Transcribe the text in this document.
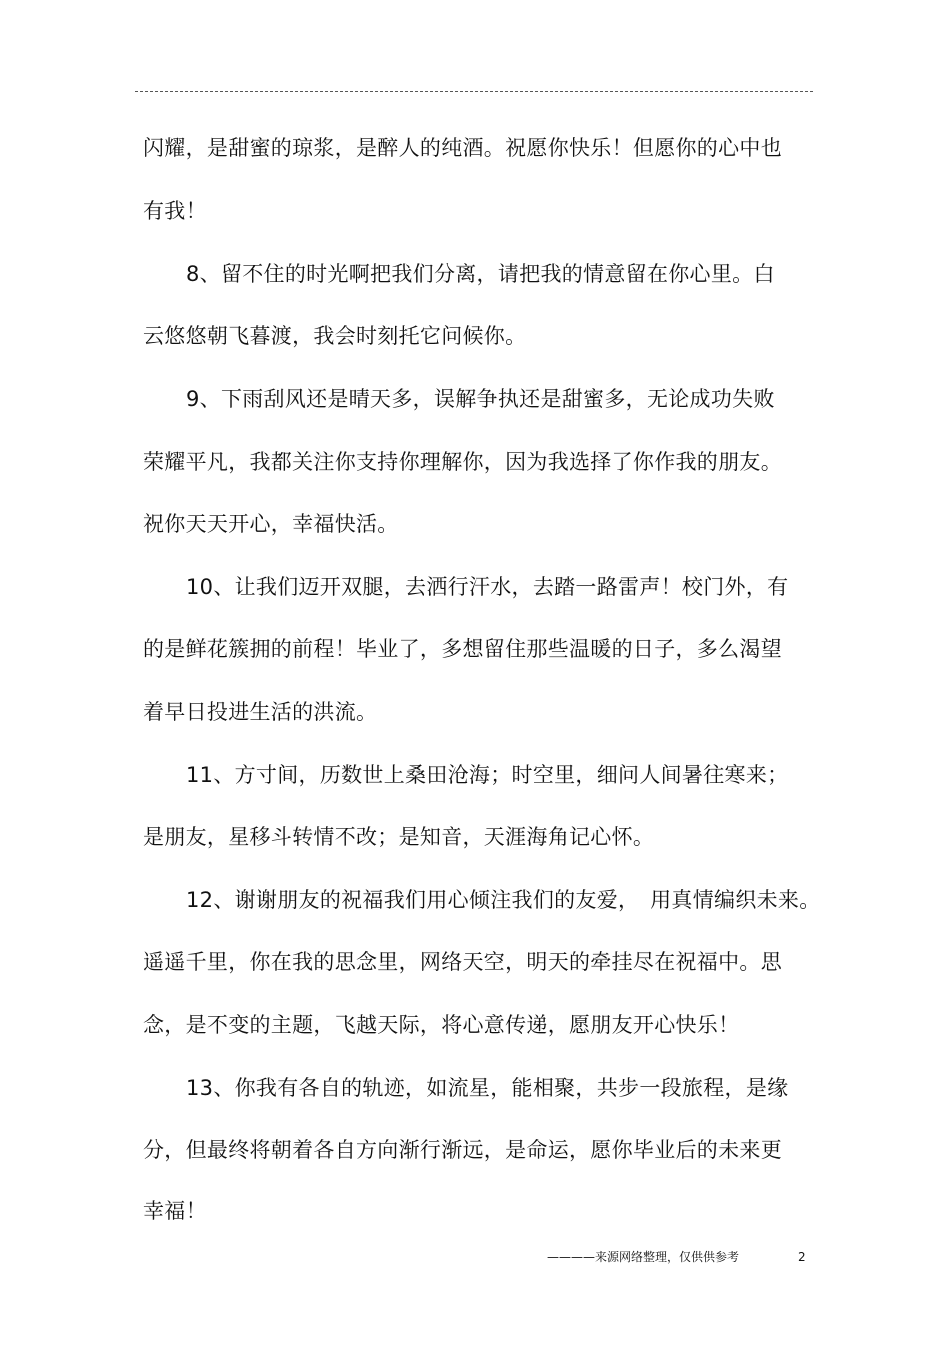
闪耀，是甜蜜的琼浆，是醉人的纯酒。祝愿你快乐！但愿你的心中也
有我！
8、留不住的时光啊把我们分离，请把我的情意留在你心里。白
云悠悠朝飞暮渡，我会时刻托它问候你。
9、下雨刮风还是晴天多，误解争执还是甜蜜多，无论成功失败
荣耀平凡，我都关注你支持你理解你，因为我选择了你作我的朋友。
祝你天天开心，幸福快活。
10、让我们迈开双腿，去洒行汗水，去踏一路雷声！校门外，有
的是鲜花簇拥的前程！毕业了，多想留住那些温暖的日子，多么渴望
着早日投进生活的洪流。
11、方寸间，历数世上桑田沧海；时空里，细问人间暑往寒来；
是朋友，星移斗转情不改；是知音，天涯海角记心怀。
12、谢谢朋友的祝福我们用心倾注我们的友爱，　用真情编织未来。
遥遥千里，你在我的思念里，网络天空，明天的牵挂尽在祝福中。思
念，是不变的主题，飞越天际，将心意传递，愿朋友开心快乐！
13、你我有各自的轨迹，如流星，能相聚，共步一段旅程，是缘
分，但最终将朝着各自方向渐行渐远，是命运，愿你毕业后的未来更
幸福！
————来源网络整理，仅供供参考	2
